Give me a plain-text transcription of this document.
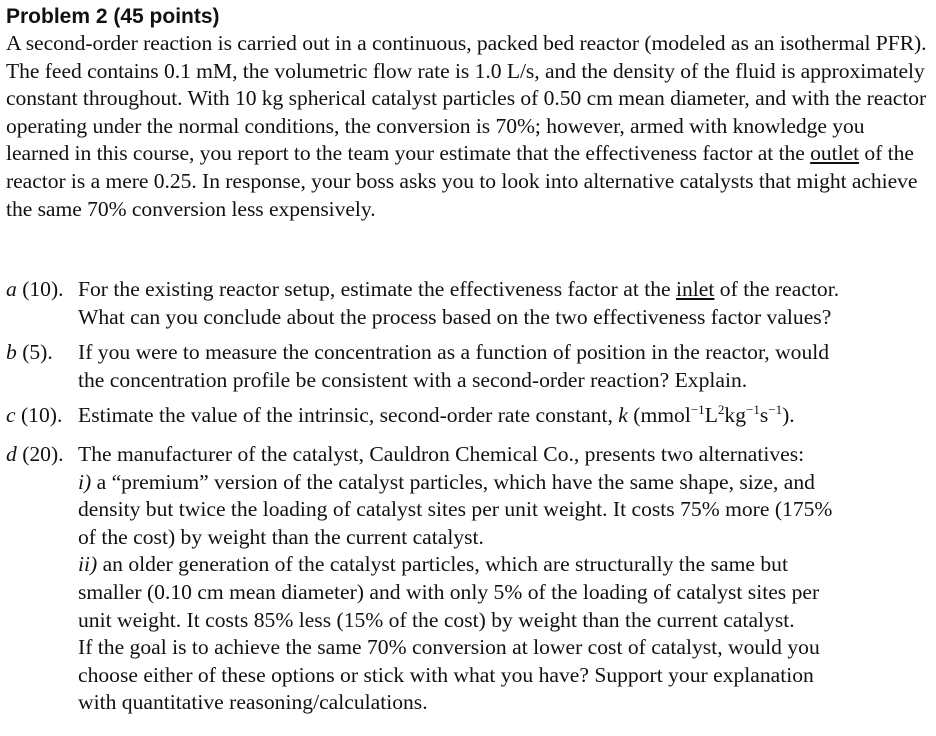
Problem 2 (45 points)

A second-order reaction is carried out in a continuous, packed bed reactor (modeled as an isothermal PFR). The feed contains 0.1 mM, the volumetric flow rate is 1.0 L/s, and the density of the fluid is approximately constant throughout. With 10 kg spherical catalyst particles of 0.50 cm mean diameter, and with the reactor operating under the normal conditions, the conversion is 70%; however, armed with knowledge you learned in this course, you report to the team your estimate that the effectiveness factor at the outlet of the reactor is a mere 0.25. In response, your boss asks you to look into alternative catalysts that might achieve the same 70% conversion less expensively.

a (10). For the existing reactor setup, estimate the effectiveness factor at the inlet of the reactor.
What can you conclude about the process based on the two effectiveness factor values?
b (5).	If you were to measure the concentration as a function of position in the reactor, would
the concentration profile be consistent with a second-order reaction? Explain.
c (10). Estimate the value of the intrinsic, second-order rate constant, k $(mmol^{-1}L^2kg^{-1}s^{-1})$.
d (20). The manufacturer of the catalyst, Cauldron Chemical Co., presents two alternatives:
i) a “premium” version of the catalyst particles, which have the same shape, size, and
density but twice the loading of catalyst sites per unit weight. It costs 75% more (175%
of the cost) by weight than the current catalyst.
ii) an older generation of the catalyst particles, which are structurally the same but
smaller (0.10 cm mean diameter) and with only 5% of the loading of catalyst sites per
unit weight. It costs 85% less (15% of the cost) by weight than the current catalyst.
If the goal is to achieve the same 70% conversion at lower cost of catalyst, would you
choose either of these options or stick with what you have? Support your explanation
with quantitative reasoning/calculations.
